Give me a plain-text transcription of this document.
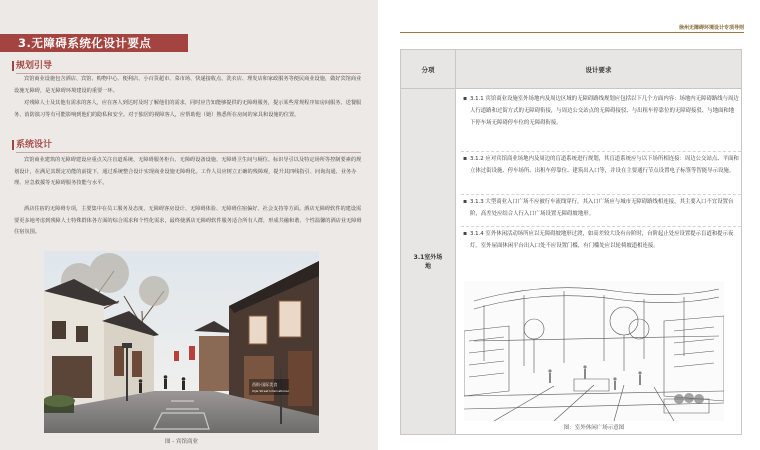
3.无障碍系统化设计要点
规划引导
宾馆商业设施包含酒店、宾馆、购物中心、便利店、小百货超市、菜市场、快递接收点、洗衣店、理发店和家政服务等便民商业设施，做好宾馆商业设施无障碍，是无障碍环境建设的重要一环。
对残障人士及其他有需求的客人，应在客人到达时及时了解他们的需求，同时应告知能够提供的无障碍服务，提示某些常规程序如房间服务、送餐服务、消防演习等有可能影响到他们的隐私和安全。对于独居的视障客人，应帮助他（她）熟悉所在房间的家具和设施的位置。
系统设计
宾馆商业建筑的无障碍建设应重点关注盲道系统、无障碍服务柜台、无障碍设备设施、无障碍卫生间与厕位、标识导引以及特定场所等控制要素的规划设计，在满足其既定功能的前提下，通过系统整合设计实现商业设施无障碍化。工作人员应树立正确的残障观，提升其四线指引、问询沟通、业务办理、应急救援等无障碍服务技能与水平。
酒店住宿的无障碍专项，主要集中在员工服务及态度、无障碍客房设计、无障碍体验、无障碍住宿偏好、社会支持等方面。酒店无障碍软件的建设需要更多地考虑到残障人士特殊群体各方面的综合需求和个性化需求，最终使酒店无障碍软件服务适合所有人群，形成共融和谐、个性温馨的酒店业无障碍住宿氛围。
西街·国际美食
Xijie Street International
图 - 宾馆商业
徐州无障碍环境设计专项导则
分项	设计要求
3.1室外场地
▪ 3.1.1 宾馆商业设施室外场地内及周边区域的无障碍路线规划应包括以下几个方面内容：场地内无障碍路线与周边人行道路和过街方式的无障碍衔接，与周边公交站点的无障碍接驳、与出租车停靠位的无障碍接驳、与地面和地下停车场无障碍停车位的无障碍衔接。
▪ 3.1.2 应对宾馆商业场地内及周边的盲道系统进行规划，其盲道系统应与以下场所相连接：周边公交站点、平面和立体过街设施、停车场所、出租车停靠位、建筑出入口等，并设在主要通行节点设置电子标签等智能导示设施。
▪ 3.1.3 大型商业入口广场不应被行车流线穿行，其入口广场应与城市无障碍路线相连接，其主要入口不宜设置台阶，高差处应结合人行入口广场设置无障碍坡地形。
▪ 3.1.4 室外休闲活动场所应以无障碍坡地形过渡，如高差较大设有台阶时，台阶起止处应设置提示盲道和提示夜灯。室外屋面休闲平台出入口处不应设置门槛，有门槛处应以轮椅坡道相连接。
图：室外休闲广场示意图
